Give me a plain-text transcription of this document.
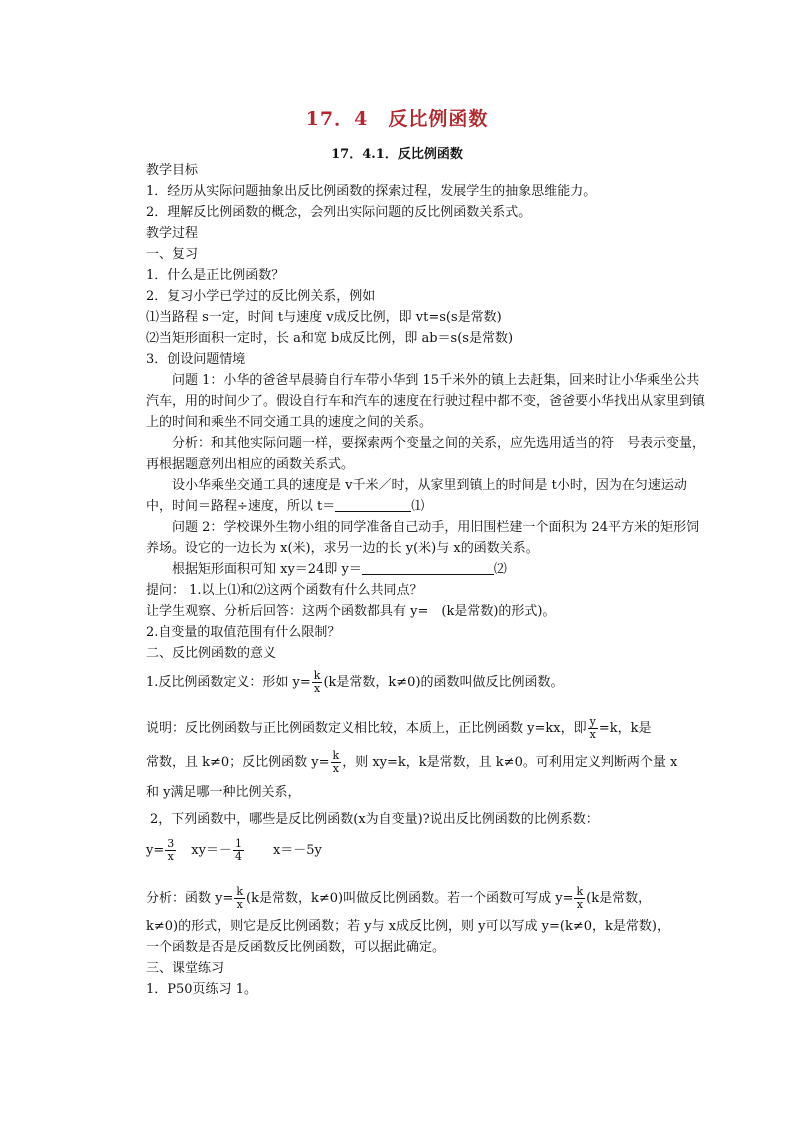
17．4　反比例函数
17．4.1．反比例函数
教学目标
1．经历从实际问题抽象出反比例函数的探索过程，发展学生的抽象思维能力。
2．理解反比例函数的概念，会列出实际问题的反比例函数关系式。
教学过程
一、复习
1．什么是正比例函数？
2．复习小学已学过的反比例关系，例如
⑴当路程 s一定，时间 t与速度 v成反比例，即 vt=s(s是常数)
⑵当矩形面积一定时，长 a和宽 b成反比例，即 ab＝s(s是常数)
3．创设问题情境
问题 1：小华的爸爸早晨骑自行车带小华到 15千米外的镇上去赶集，回来时让小华乘坐公共汽车，用的时间少了。假设自行车和汽车的速度在行驶过程中都不变，爸爸要小华找出从家里到镇上的时间和乘坐不同交通工具的速度之间的关系。
分析：和其他实际问题一样，要探索两个变量之间的关系，应先选用适当的符　号表示变量，再根据题意列出相应的函数关系式。
设小华乘坐交通工具的速度是 v千米／时，从家里到镇上的时间是 t小时，因为在匀速运动中，时间＝路程÷速度，所以 t＝	⑴
问题 2：学校课外生物小组的同学准备自己动手，用旧围栏建一个面积为 24平方米的矩形饲养场。设它的一边长为 x(米)，求另一边的长 y(米)与 x的函数关系。
根据矩形面积可知 xy＝24即 y＝	⑵
提问： 1.以上⑴和⑵这两个函数有什么共同点？
让学生观察、分析后回答：这两个函数都具有 y=　(k是常数)的形式)。
2.自变量的取值范围有什么限制？
二、反比例函数的意义
1.反比例函数定义：形如 $y= \frac{k}{x} (k$是常数，k≠0)的函数叫做反比例函数。
说明：反比例函数与正比例函数定义相比较，本质上，正比例函数 y=kx，即 $\frac{y}{x} =k$，k是
常数，且 k≠0；反比例函数 $y= \frac{k}{x}$ ，则 xy=k，k是常数，且 k≠0。可利用定义判断两个量 x
和 y满足哪一种比例关系，
2，下列函数中，哪些是反比例函数(x为自变量)?说出反比例函数的比例系数：
$y= \frac{3}{x} xy=- \frac{1}{4} x=-5y$
分析：函数 $y= \frac{k}{x} (k$是常数，k≠0)叫做反比例函数。若一个函数可写成 $y= \frac{k}{x} (k$是常数，
k≠0)的形式，则它是反比例函数；若 y与 x成反比例，则 y可以写成 y=(k≠0，k是常数)，
一个函数是否是反函数反比例函数，可以据此确定。
三、课堂练习
1．P50页练习 1。
